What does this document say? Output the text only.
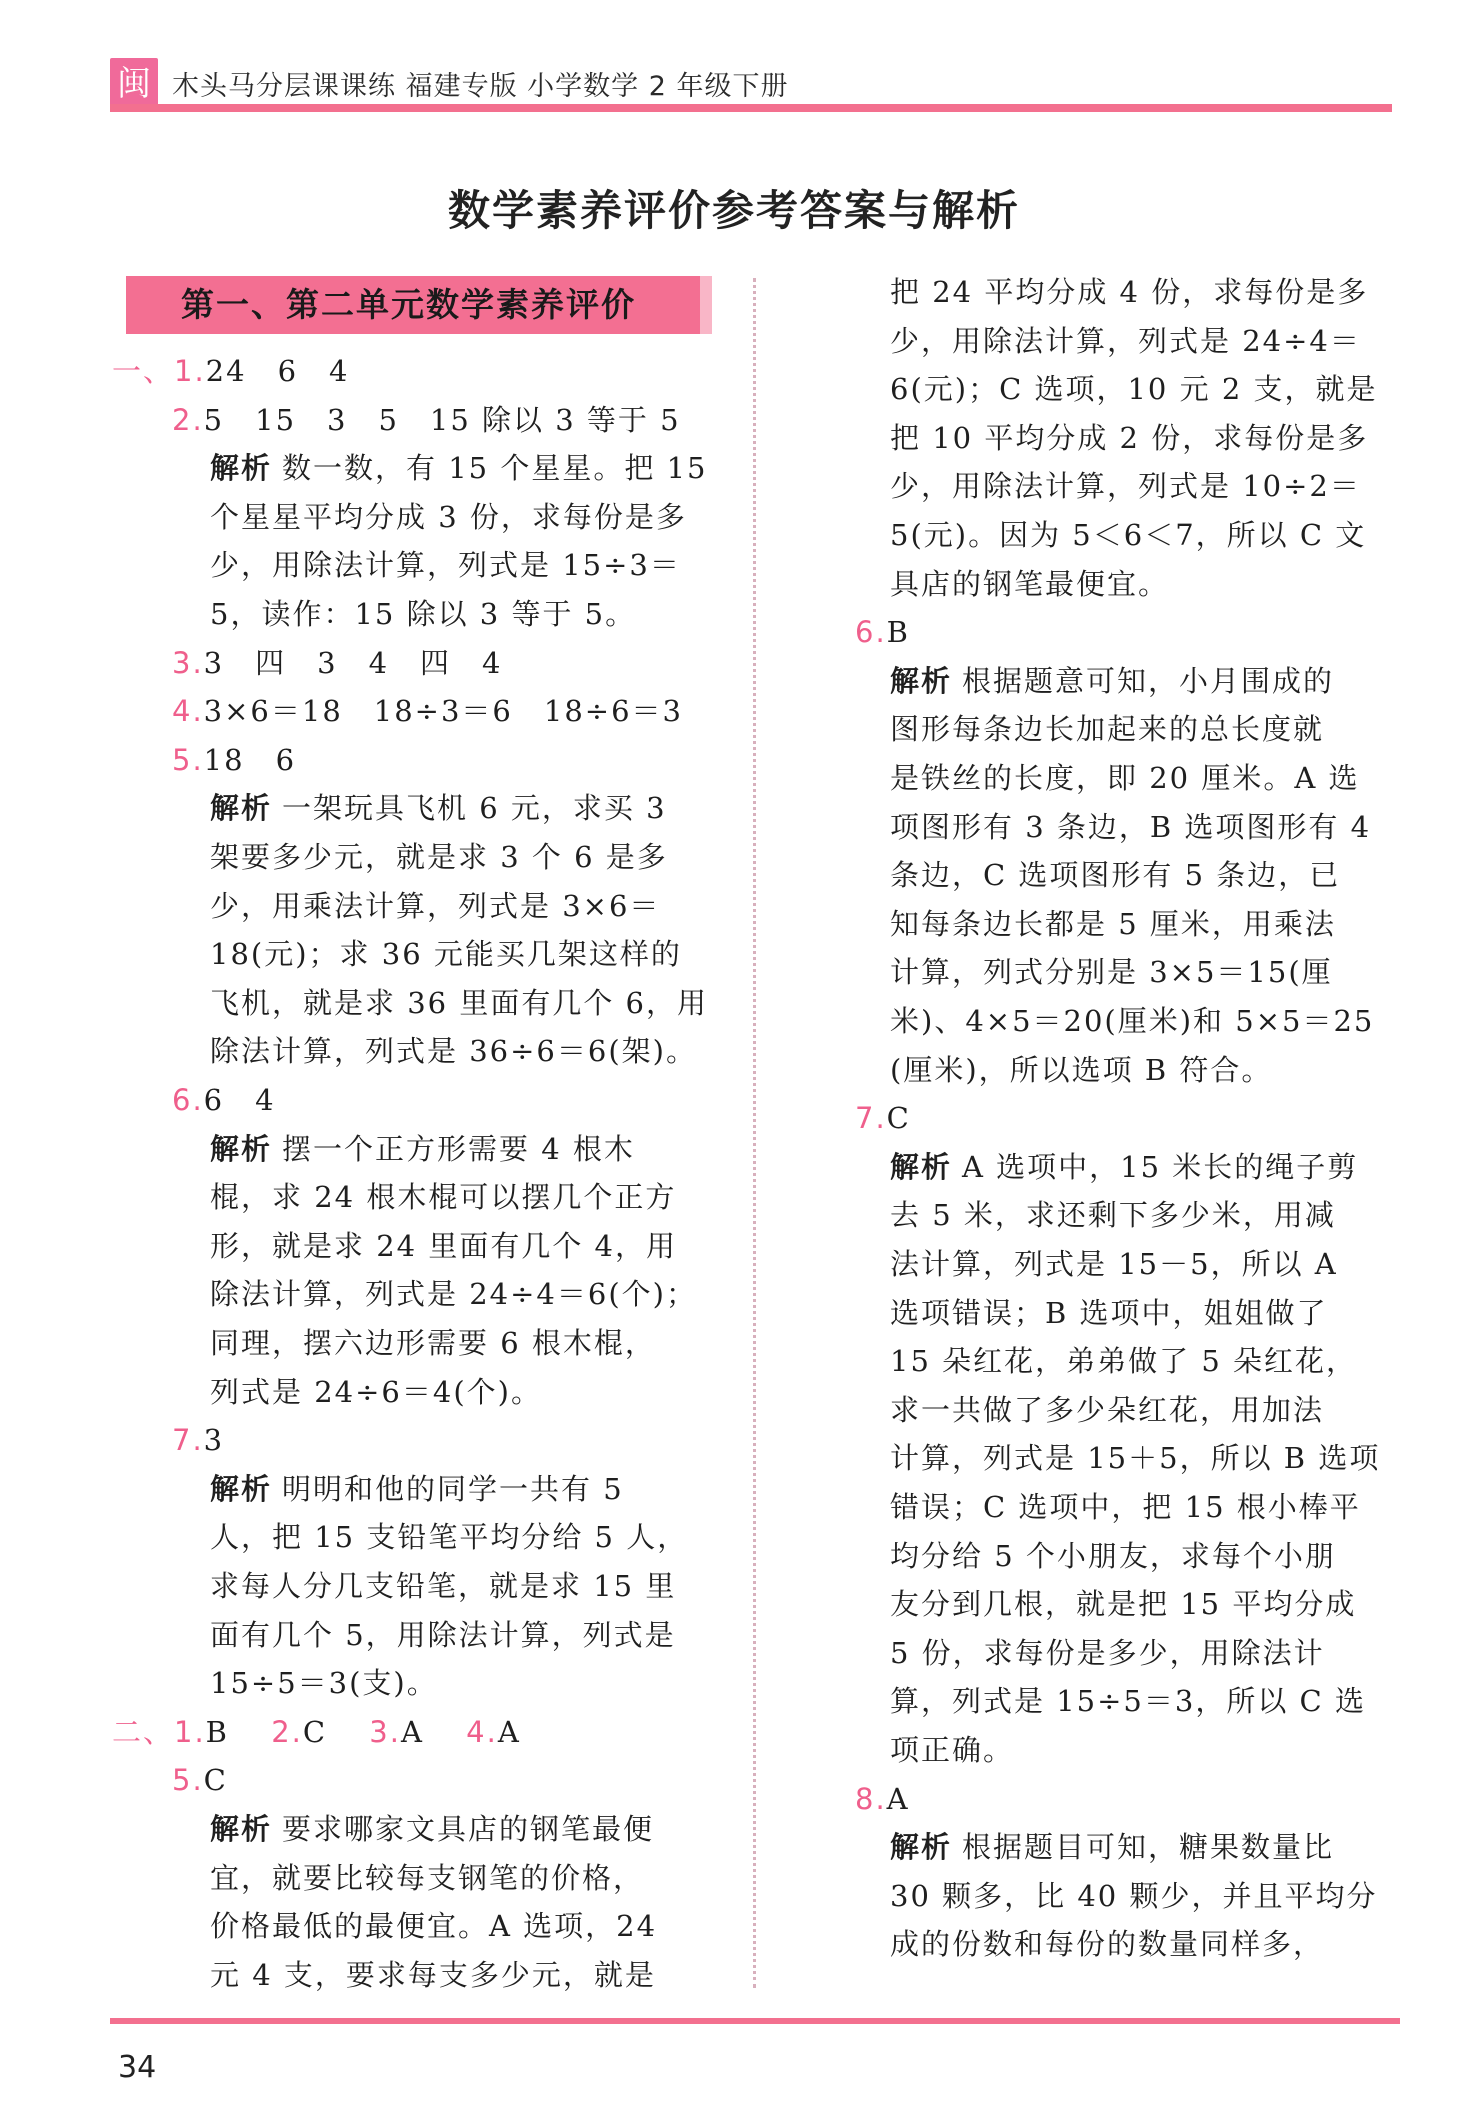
闽 木头马分层课课练 福建专版 小学数学 2 年级下册
数学素养评价参考答案与解析
第一、第二单元数学素养评价
一、1.24　6　4
2.5　15　3　5　15 除以 3 等于 5
解析 数一数，有 15 个星星。把 15
个星星平均分成 3 份，求每份是多
少，用除法计算，列式是 15÷3＝
5，读作：15 除以 3 等于 5。
3.3　四　3　4　四　4
4.3×6＝18　18÷3＝6　18÷6＝3
5.18　6
解析 一架玩具飞机 6 元，求买 3
架要多少元，就是求 3 个 6 是多
少，用乘法计算，列式是 3×6＝
18(元)；求 36 元能买几架这样的
飞机，就是求 36 里面有几个 6，用
除法计算，列式是 36÷6＝6(架)。
6.6　4
解析 摆一个正方形需要 4 根木
棍，求 24 根木棍可以摆几个正方
形，就是求 24 里面有几个 4，用
除法计算，列式是 24÷4＝6(个)；
同理，摆六边形需要 6 根木棍，
列式是 24÷6＝4(个)。
7.3
解析 明明和他的同学一共有 5
人，把 15 支铅笔平均分给 5 人，
求每人分几支铅笔，就是求 15 里
面有几个 5，用除法计算，列式是
15÷5＝3(支)。
二、1.B　 2.C　 3.A　 4.A
5.C
解析 要求哪家文具店的钢笔最便
宜，就要比较每支钢笔的价格，
价格最低的最便宜。A 选项，24
元 4 支，要求每支多少元，就是
把 24 平均分成 4 份，求每份是多
少，用除法计算，列式是 24÷4＝
6(元)；C 选项，10 元 2 支，就是
把 10 平均分成 2 份，求每份是多
少，用除法计算，列式是 10÷2＝
5(元)。因为 5＜6＜7，所以 C 文
具店的钢笔最便宜。
6.B
解析 根据题意可知，小月围成的
图形每条边长加起来的总长度就
是铁丝的长度，即 20 厘米。A 选
项图形有 3 条边，B 选项图形有 4
条边，C 选项图形有 5 条边，已
知每条边长都是 5 厘米，用乘法
计算，列式分别是 3×5＝15(厘
米)、4×5＝20(厘米)和 5×5＝25
(厘米)，所以选项 B 符合。
7.C
解析 A 选项中，15 米长的绳子剪
去 5 米，求还剩下多少米，用减
法计算，列式是 15－5，所以 A
选项错误；B 选项中，姐姐做了
15 朵红花，弟弟做了 5 朵红花，
求一共做了多少朵红花，用加法
计算，列式是 15＋5，所以 B 选项
错误；C 选项中，把 15 根小棒平
均分给 5 个小朋友，求每个小朋
友分到几根，就是把 15 平均分成
5 份，求每份是多少，用除法计
算，列式是 15÷5＝3，所以 C 选
项正确。
8.A
解析 根据题目可知，糖果数量比
30 颗多，比 40 颗少，并且平均分
成的份数和每份的数量同样多，
34
